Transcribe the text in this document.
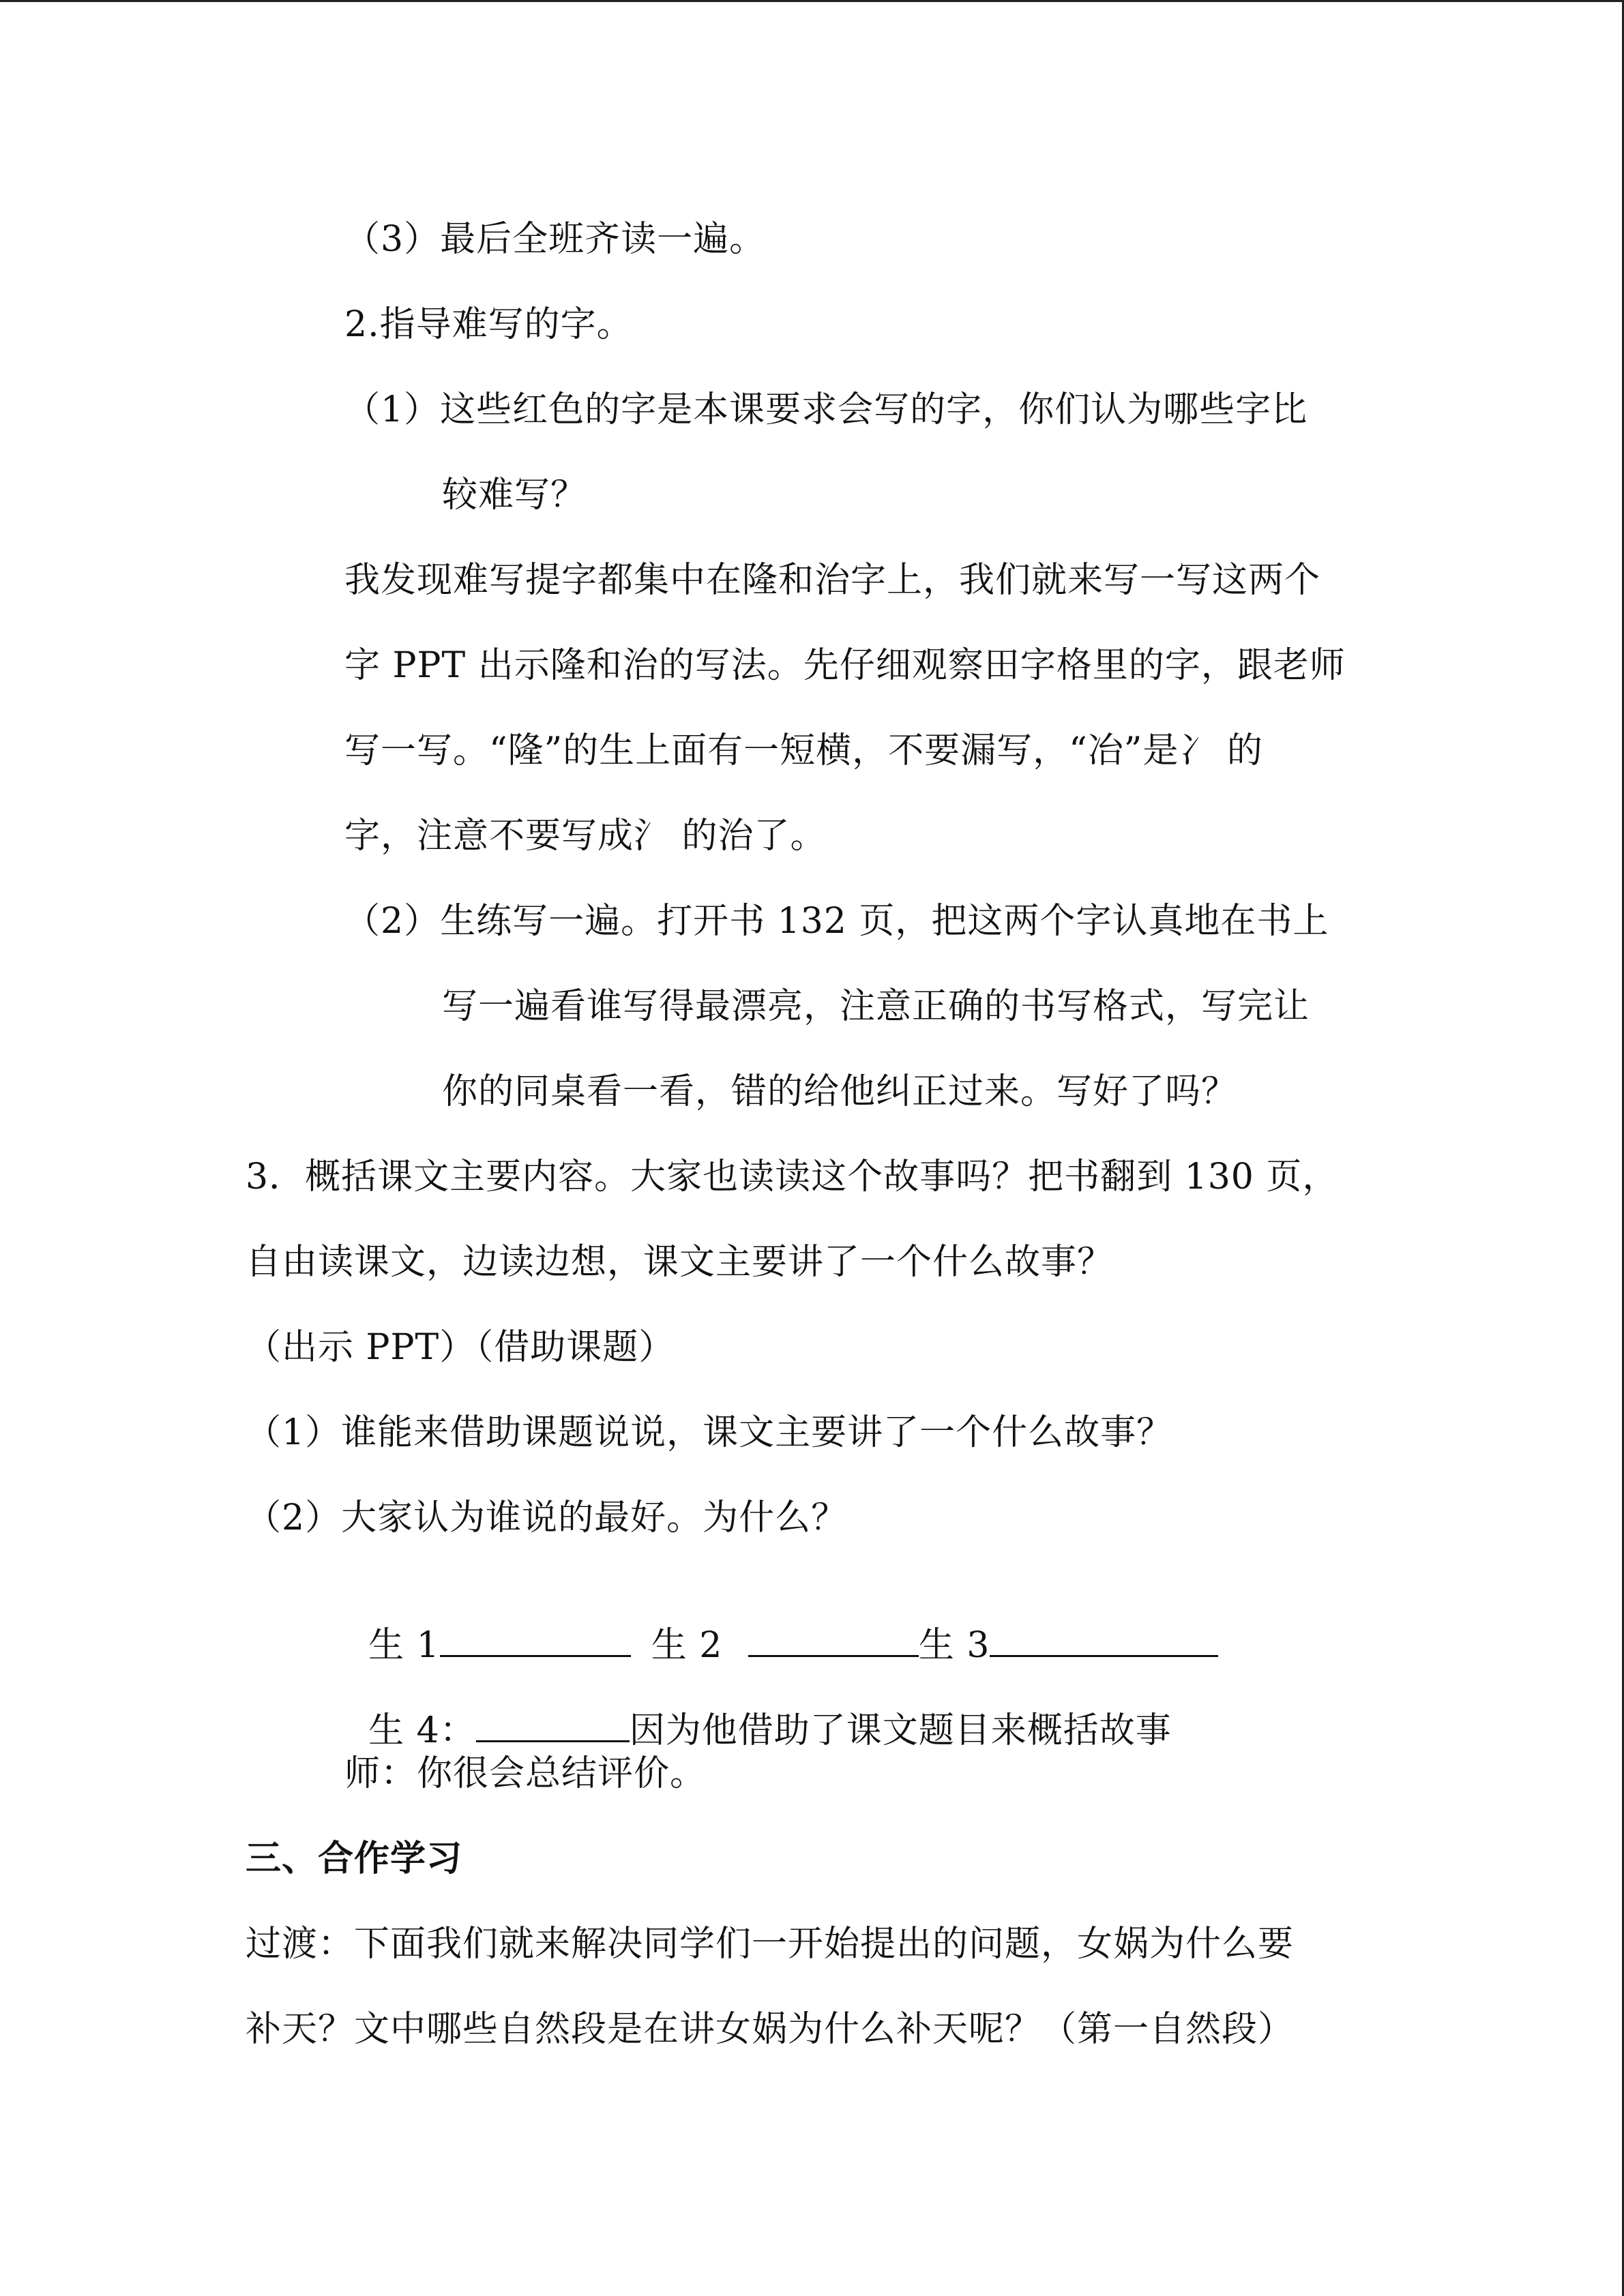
（3）最后全班齐读一遍。
2.指导难写的字。
（1）这些红色的字是本课要求会写的字，你们认为哪些字比
较难写？
我发现难写提字都集中在隆和治字上，我们就来写一写这两个
字 PPT 出示隆和治的写法。先仔细观察田字格里的字，跟老师
写一写。“隆”的生上面有一短横，不要漏写，“冶”是冫 的
字，注意不要写成氵 的治了。
（2）生练写一遍。打开书 132 页，把这两个字认真地在书上
写一遍看谁写得最漂亮，注意正确的书写格式，写完让
你的同桌看一看，错的给他纠正过来。写好了吗？
3．概括课文主要内容。大家也读读这个故事吗？把书翻到 130 页，
自由读课文，边读边想，课文主要讲了一个什么故事？
（出示 PPT）（借助课题）
（1）谁能来借助课题说说，课文主要讲了一个什么故事？
（2）大家认为谁说的最好。为什么？

生 1	生 2	生 3

生 4：	因为他借助了课文题目来概括故事

师：你很会总结评价。
三、合作学习
过渡：下面我们就来解决同学们一开始提出的问题，女娲为什么要
补天？文中哪些自然段是在讲女娲为什么补天呢？（第一自然段）
